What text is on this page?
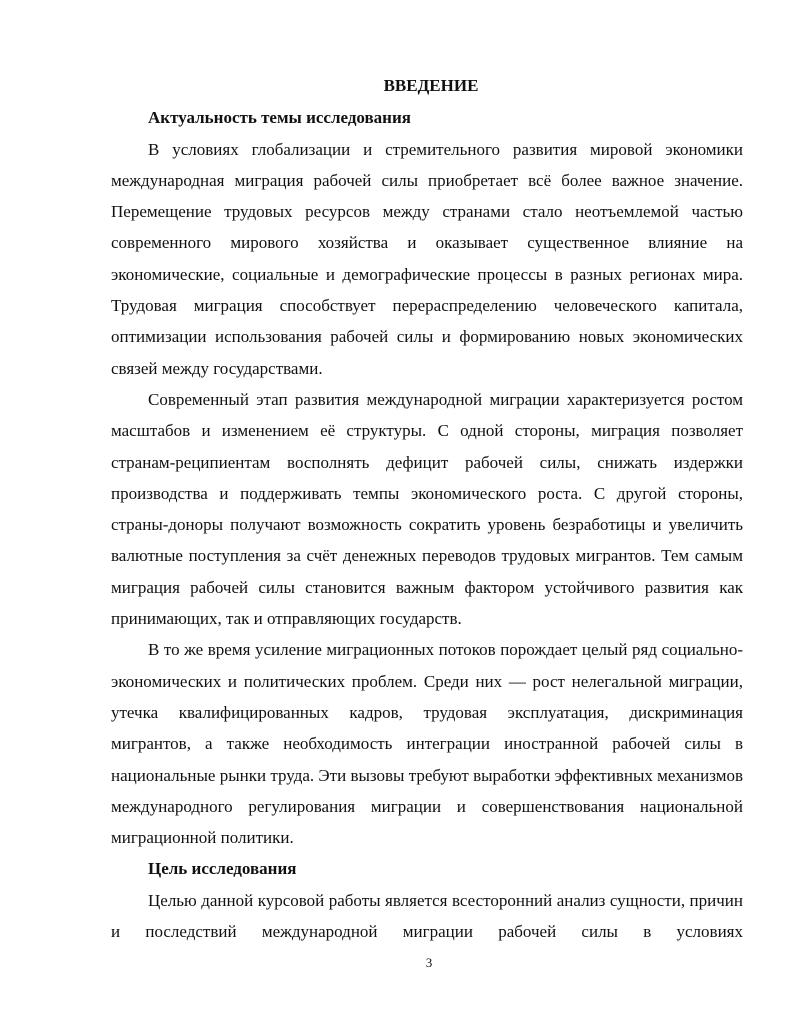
ВВЕДЕНИЕ

Актуальность темы исследования

В условиях глобализации и стремительного развития мировой экономики международная миграция рабочей силы приобретает всё более важное значение. Перемещение трудовых ресурсов между странами стало неотъемлемой частью современного мирового хозяйства и оказывает существенное влияние на экономические, социальные и демографические процессы в разных регионах мира. Трудовая миграция способствует перераспределению человеческого капитала, оптимизации использования рабочей силы и формированию новых экономических связей между государствами.

Современный этап развития международной миграции характеризуется ростом масштабов и изменением её структуры. С одной стороны, миграция позволяет странам-реципиентам восполнять дефицит рабочей силы, снижать издержки производства и поддерживать темпы экономического роста. С другой стороны, страны-доноры получают возможность сократить уровень безработицы и увеличить валютные поступления за счёт денежных переводов трудовых мигрантов. Тем самым миграция рабочей силы становится важным фактором устойчивого развития как принимающих, так и отправляющих государств.

В то же время усиление миграционных потоков порождает целый ряд социально-экономических и политических проблем. Среди них — рост нелегальной миграции, утечка квалифицированных кадров, трудовая эксплуатация, дискриминация мигрантов, а также необходимость интеграции иностранной рабочей силы в национальные рынки труда. Эти вызовы требуют выработки эффективных механизмов международного регулирования миграции и совершенствования национальной миграционной политики.

Цель исследования

Целью данной курсовой работы является всесторонний анализ сущности, причин и последствий международной миграции рабочей силы в условиях

3
